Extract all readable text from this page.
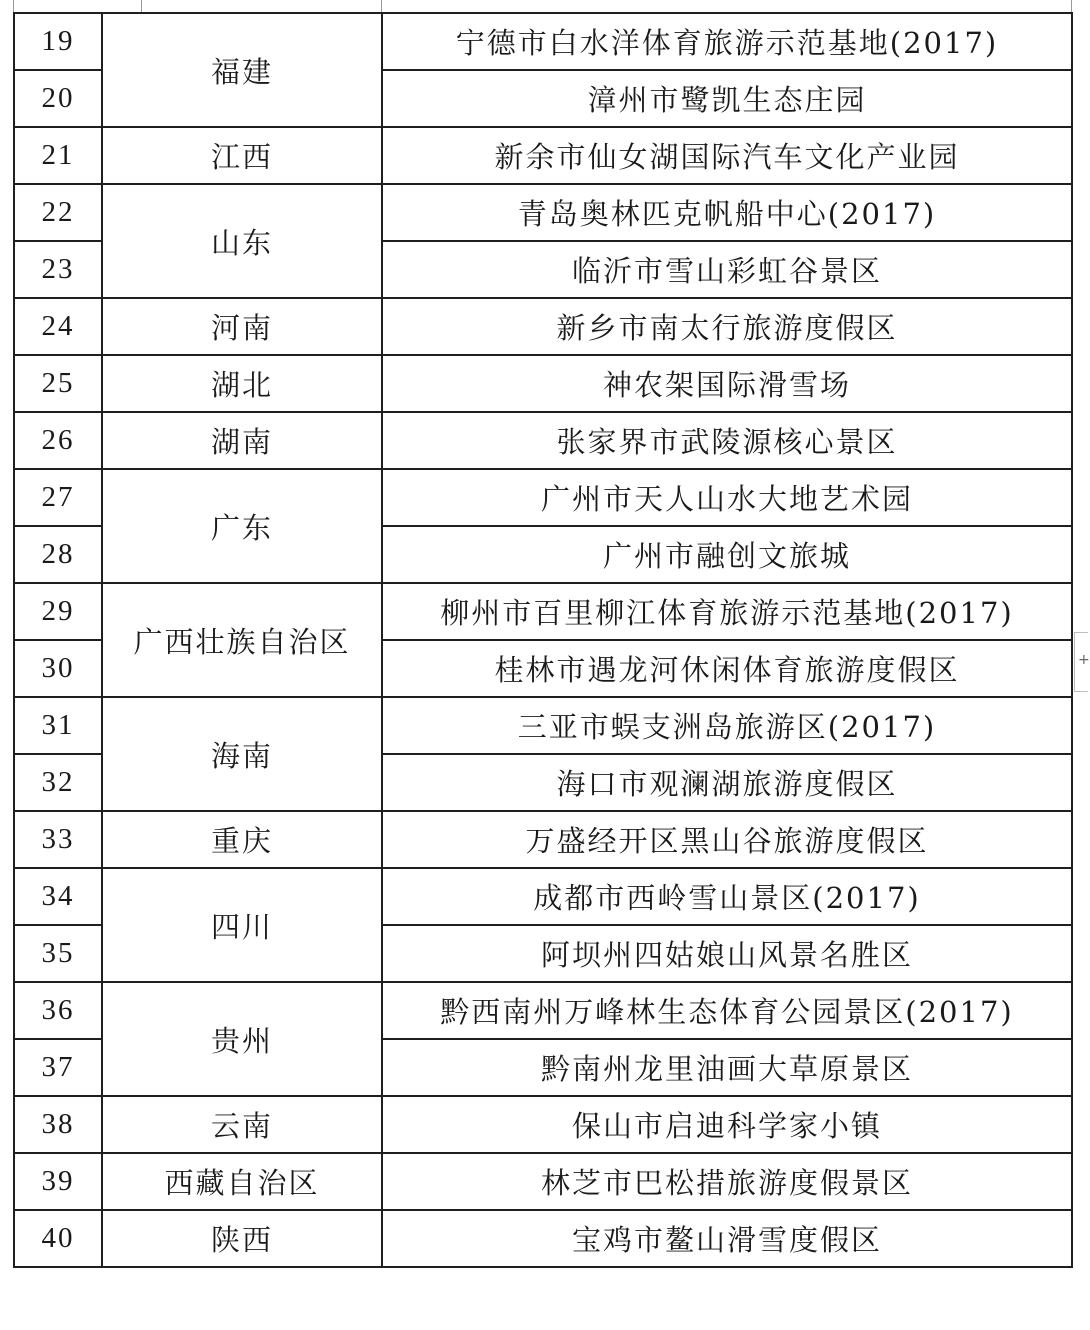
19	福建	宁德市白水洋体育旅游示范基地(2017)
20		漳州市鹭凯生态庄园
21	江西	新余市仙女湖国际汽车文化产业园
22	山东	青岛奥林匹克帆船中心(2017)
23		临沂市雪山彩虹谷景区
24	河南	新乡市南太行旅游度假区
25	湖北	神农架国际滑雪场
26	湖南	张家界市武陵源核心景区
27	广东	广州市天人山水大地艺术园
28		广州市融创文旅城
29	广西壮族自治区	柳州市百里柳江体育旅游示范基地(2017)
30		桂林市遇龙河休闲体育旅游度假区
31	海南	三亚市蜈支洲岛旅游区(2017)
32		海口市观澜湖旅游度假区
33	重庆	万盛经开区黑山谷旅游度假区
34	四川	成都市西岭雪山景区(2017)
35		阿坝州四姑娘山风景名胜区
36	贵州	黔西南州万峰林生态体育公园景区(2017)
37		黔南州龙里油画大草原景区
38	云南	保山市启迪科学家小镇
39	西藏自治区	林芝市巴松措旅游度假景区
40	陕西	宝鸡市鳌山滑雪度假区
+
